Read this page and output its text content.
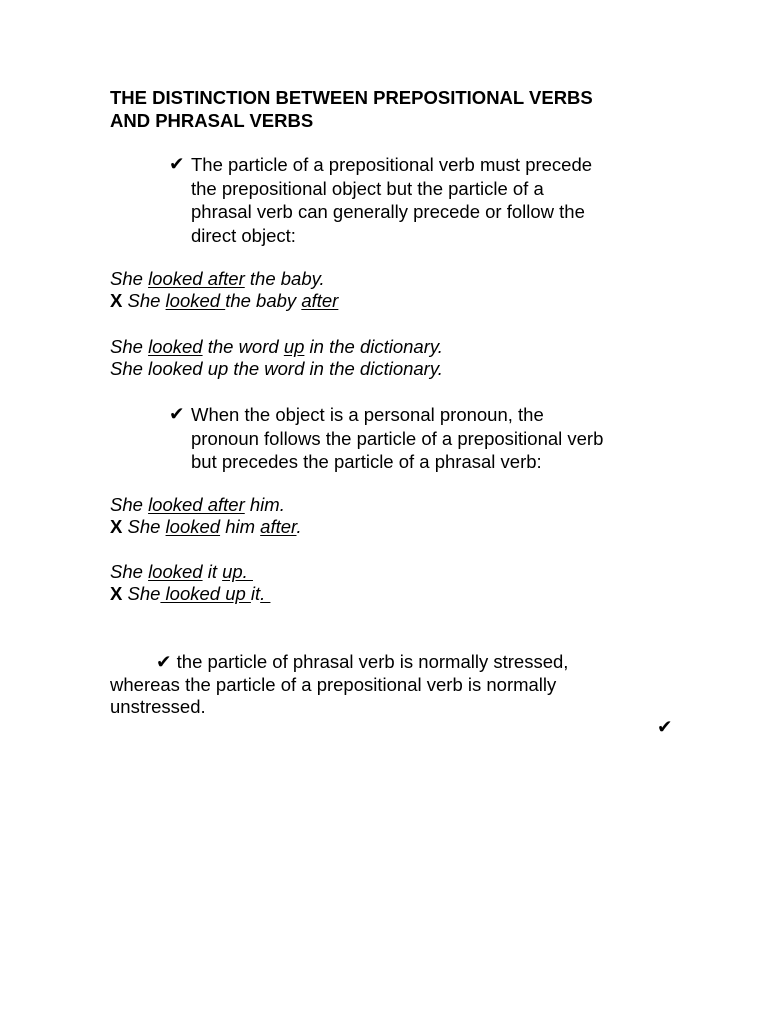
THE DISTINCTION BETWEEN PREPOSITIONAL VERBS
AND PHRASAL VERBS
✔ The particle of a prepositional verb must precede
the prepositional object but the particle of a
phrasal verb can generally precede or follow the
direct object:
She looked after the baby.
X She looked the baby after
She looked the word up in the dictionary.
She looked up the word in the dictionary.
✔ When the object is a personal pronoun, the
pronoun follows the particle of a prepositional verb
but precedes the particle of a phrasal verb:
She looked after him.
X She looked him after.
She looked it up.
X She looked up it.
✔ the particle of phrasal verb is normally stressed,
whereas the particle of a prepositional verb is normally
unstressed.
✔
